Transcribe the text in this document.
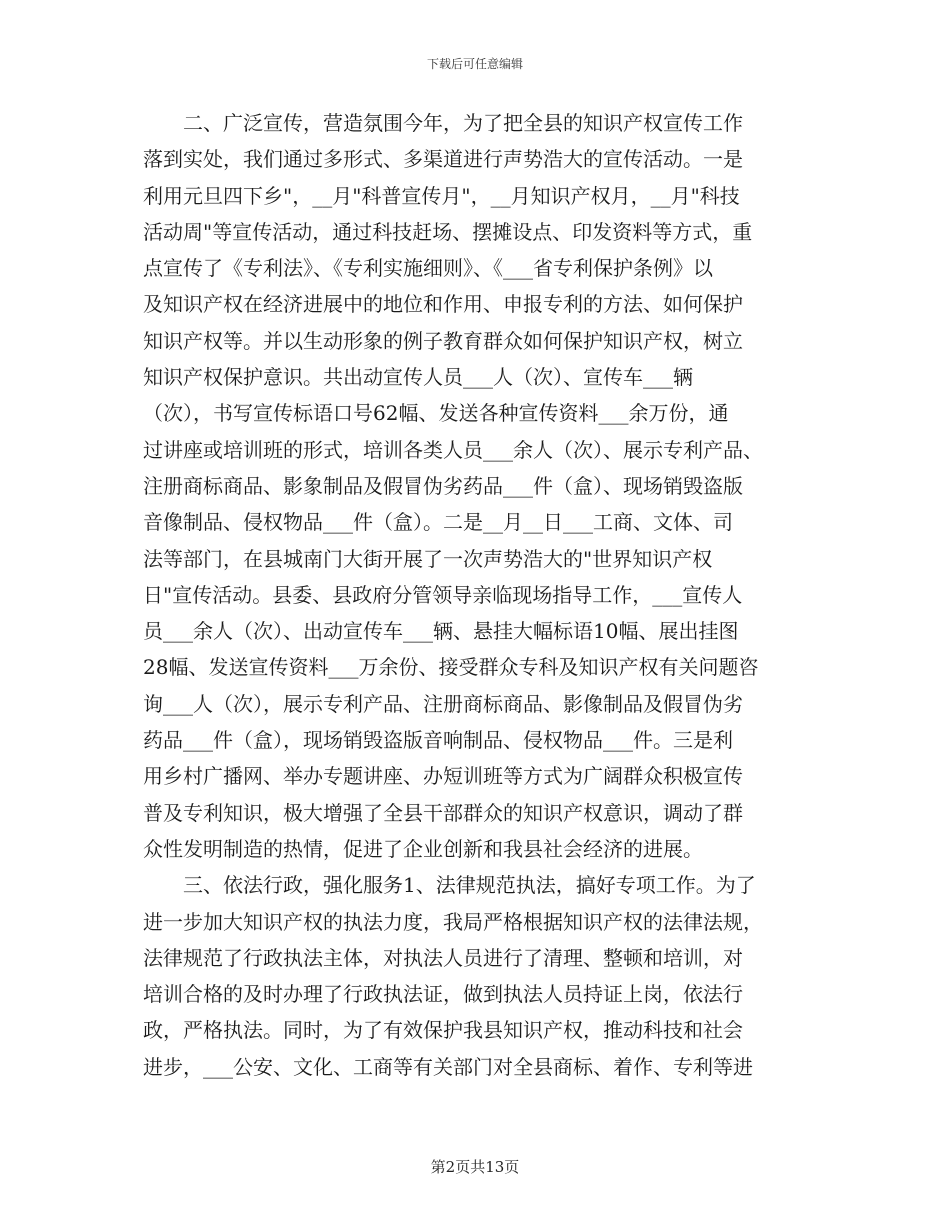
下载后可任意编辑
　　二、广泛宣传，营造氛围今年，为了把全县的知识产权宣传工作
落到实处，我们通过多形式、多渠道进行声势浩大的宣传活动。一是
利用元旦四下乡"，__月"科普宣传月"，__月知识产权月，__月"科技
活动周"等宣传活动，通过科技赶场、摆摊设点、印发资料等方式，重
点宣传了《专利法》、《专利实施细则》、《___省专利保护条例》以
及知识产权在经济进展中的地位和作用、申报专利的方法、如何保护
知识产权等。并以生动形象的例子教育群众如何保护知识产权，树立
知识产权保护意识。共出动宣传人员___人（次）、宣传车___辆
（次），书写宣传标语口号62幅、发送各种宣传资料___余万份，通
过讲座或培训班的形式，培训各类人员___余人（次）、展示专利产品、
注册商标商品、影象制品及假冒伪劣药品___件（盒）、现场销毁盗版
音像制品、侵权物品___件（盒）。二是__月__日___工商、文体、司
法等部门，在县城南门大街开展了一次声势浩大的"世界知识产权
日"宣传活动。县委、县政府分管领导亲临现场指导工作，___宣传人
员___余人（次）、出动宣传车___辆、悬挂大幅标语10幅、展出挂图
28幅、发送宣传资料___万余份、接受群众专科及知识产权有关问题咨
询___人（次），展示专利产品、注册商标商品、影像制品及假冒伪劣
药品___件（盒），现场销毁盗版音响制品、侵权物品___件。三是利
用乡村广播网、举办专题讲座、办短训班等方式为广阔群众积极宣传
普及专利知识，极大增强了全县干部群众的知识产权意识，调动了群
众性发明制造的热情，促进了企业创新和我县社会经济的进展。
　　三、依法行政，强化服务1、法律规范执法，搞好专项工作。为了
进一步加大知识产权的执法力度，我局严格根据知识产权的法律法规，
法律规范了行政执法主体，对执法人员进行了清理、整顿和培训，对
培训合格的及时办理了行政执法证，做到执法人员持证上岗，依法行
政，严格执法。同时，为了有效保护我县知识产权，推动科技和社会
进步，___公安、文化、工商等有关部门对全县商标、着作、专利等进
第2页共13页
